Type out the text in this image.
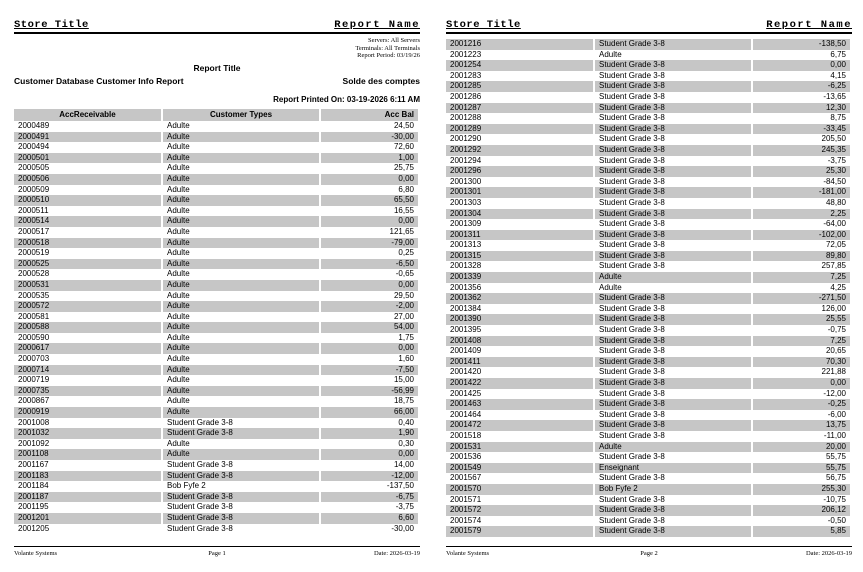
Store Title	Report Name
Servers: All Servers
Terminals: All Terminals
Report Period: 03/19/26
Report Title
Customer Database Customer Info Report	Solde des comptes
Report Printed On: 03-19-2026 6:11 AM
AccReceivable	Customer Types	Acc Bal
2000489	Adulte	24,50
2000491	Adulte	-30,00
2000494	Adulte	72,60
2000501	Adulte	1,00
2000505	Adulte	25,75
2000506	Adulte	0,00
2000509	Adulte	6,80
2000510	Adulte	65,50
2000511	Adulte	16,55
2000514	Adulte	0,00
2000517	Adulte	121,65
2000518	Adulte	-79,00
2000519	Adulte	0,25
2000525	Adulte	-6,50
2000528	Adulte	-0,65
2000531	Adulte	0,00
2000535	Adulte	29,50
2000572	Adulte	-2,00
2000581	Adulte	27,00
2000588	Adulte	54,00
2000590	Adulte	1,75
2000617	Adulte	0,00
2000703	Adulte	1,60
2000714	Adulte	-7,50
2000719	Adulte	15,00
2000735	Adulte	-56,99
2000867	Adulte	18,75
2000919	Adulte	66,00
2001008	Student Grade 3-8	0,40
2001032	Student Grade 3-8	1,90
2001092	Adulte	0,30
2001108	Adulte	0,00
2001167	Student Grade 3-8	14,00
2001183	Student Grade 3-8	-12,00
2001184	Bob Fyfe 2	-137,50
2001187	Student Grade 3-8	-6,75
2001195	Student Grade 3-8	-3,75
2001201	Student Grade 3-8	6,60
2001205	Student Grade 3-8	-30,00
Volante Systems	Page 1	Date: 2026-03-19
Store Title	Report Name
2001216	Student Grade 3-8	-138,50
2001223	Adulte	6,75
2001254	Student Grade 3-8	0,00
2001283	Student Grade 3-8	4,15
2001285	Student Grade 3-8	-6,25
2001286	Student Grade 3-8	-13,65
2001287	Student Grade 3-8	12,30
2001288	Student Grade 3-8	8,75
2001289	Student Grade 3-8	-33,45
2001290	Student Grade 3-8	205,50
2001292	Student Grade 3-8	245,35
2001294	Student Grade 3-8	-3,75
2001296	Student Grade 3-8	25,30
2001300	Student Grade 3-8	-84,50
2001301	Student Grade 3-8	-181,00
2001303	Student Grade 3-8	48,80
2001304	Student Grade 3-8	2,25
2001309	Student Grade 3-8	-64,00
2001311	Student Grade 3-8	-102,00
2001313	Student Grade 3-8	72,05
2001315	Student Grade 3-8	89,80
2001328	Student Grade 3-8	257,85
2001339	Adulte	7,25
2001356	Adulte	4,25
2001362	Student Grade 3-8	-271,50
2001384	Student Grade 3-8	126,00
2001390	Student Grade 3-8	25,55
2001395	Student Grade 3-8	-0,75
2001408	Student Grade 3-8	7,25
2001409	Student Grade 3-8	20,65
2001411	Student Grade 3-8	70,30
2001420	Student Grade 3-8	221,88
2001422	Student Grade 3-8	0,00
2001425	Student Grade 3-8	-12,00
2001463	Student Grade 3-8	-0,25
2001464	Student Grade 3-8	-6,00
2001472	Student Grade 3-8	13,75
2001518	Student Grade 3-8	-11,00
2001531	Adulte	20,00
2001536	Student Grade 3-8	55,75
2001549	Enseignant	55,75
2001567	Student Grade 3-8	56,75
2001570	Bob Fyfe 2	255,30
2001571	Student Grade 3-8	-10,75
2001572	Student Grade 3-8	206,12
2001574	Student Grade 3-8	-0,50
2001579	Student Grade 3-8	5,85
Volante Systems	Page 2	Date: 2026-03-19
